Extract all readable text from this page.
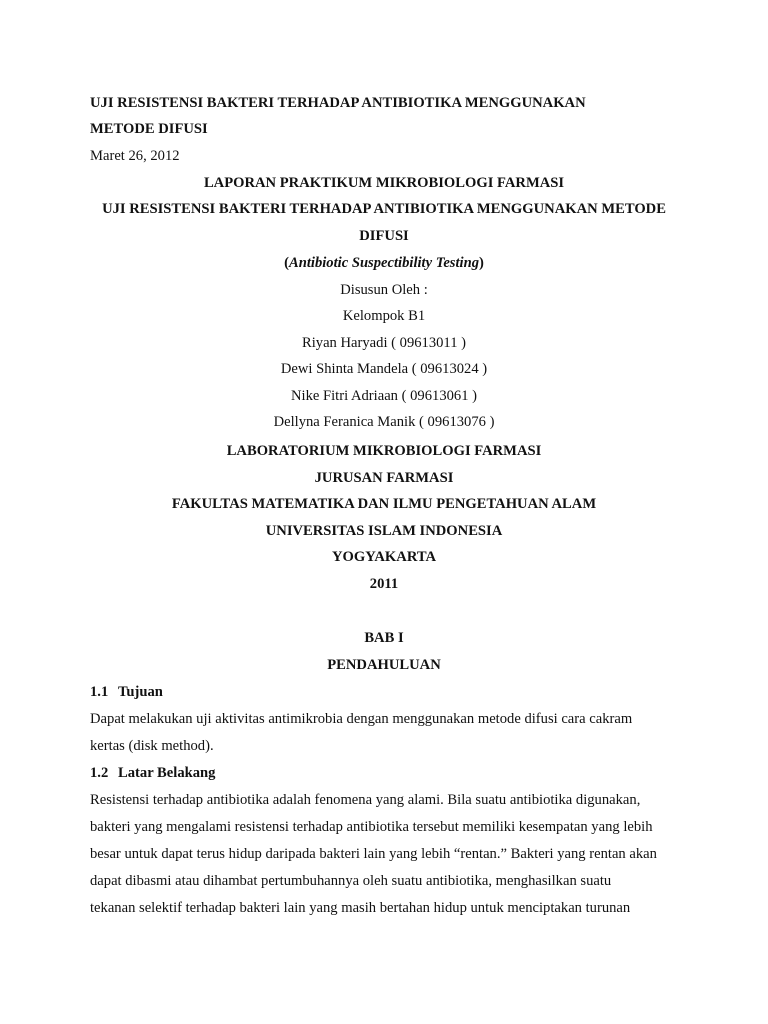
UJI RESISTENSI BAKTERI TERHADAP ANTIBIOTIKA MENGGUNAKAN
METODE DIFUSI
Maret 26, 2012
LAPORAN PRAKTIKUM MIKROBIOLOGI FARMASI
UJI RESISTENSI BAKTERI TERHADAP ANTIBIOTIKA MENGGUNAKAN METODE
DIFUSI
(Antibiotic Suspectibility Testing)
Disusun Oleh :
Kelompok B1
Riyan Haryadi ( 09613011 )
Dewi Shinta Mandela ( 09613024 )
Nike Fitri Adriaan ( 09613061 )
Dellyna Feranica Manik ( 09613076 )
LABORATORIUM MIKROBIOLOGI FARMASI
JURUSAN FARMASI
FAKULTAS MATEMATIKA DAN ILMU PENGETAHUAN ALAM
UNIVERSITAS ISLAM INDONESIA
YOGYAKARTA
2011
BAB I
PENDAHULUAN
1.1 Tujuan
Dapat melakukan uji aktivitas antimikrobia dengan menggunakan metode difusi cara cakram
kertas (disk method).
1.2 Latar Belakang
Resistensi terhadap antibiotika adalah fenomena yang alami. Bila suatu antibiotika digunakan,
bakteri yang mengalami resistensi terhadap antibiotika tersebut memiliki kesempatan yang lebih
besar untuk dapat terus hidup daripada bakteri lain yang lebih “rentan.” Bakteri yang rentan akan
dapat dibasmi atau dihambat pertumbuhannya oleh suatu antibiotika, menghasilkan suatu
tekanan selektif terhadap bakteri lain yang masih bertahan hidup untuk menciptakan turunan
